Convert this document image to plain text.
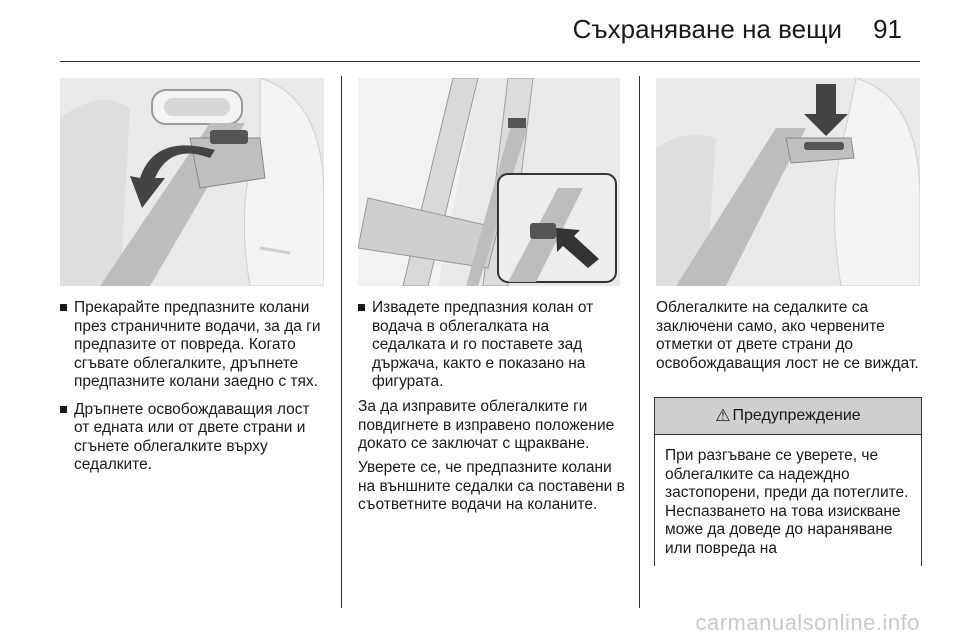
Съхраняване на вещи 91
Прекарайте предпазните колани през страничните водачи, за да ги предпазите от повреда. Когато сгъвате облегалките, дръпнете предпазните колани заедно с тях.
Дръпнете освобождаващия лост от едната или от двете страни и сгънете облегалките върху седалките.
Извадете предпазния колан от водача в облегалката на седалката и го поставете зад държача, както е показано на фигурата.

За да изправите облегалките ги повдигнете в изправено положение докато се заключат с щракване.

Уверете се, че предпазните колани на външните седалки са поставени в съответните водачи на коланите.

Облегалките на седалките са заключени само, ако червените отметки от двете страни до освобождаващия лост не се виждат.

⚠ Предупреждение

При разгъване се уверете, че облегалките са надеждно застопорени, преди да потеглите. Неспазването на това изискване може да доведе до нараняване или повреда на

carmanualsonline.info
